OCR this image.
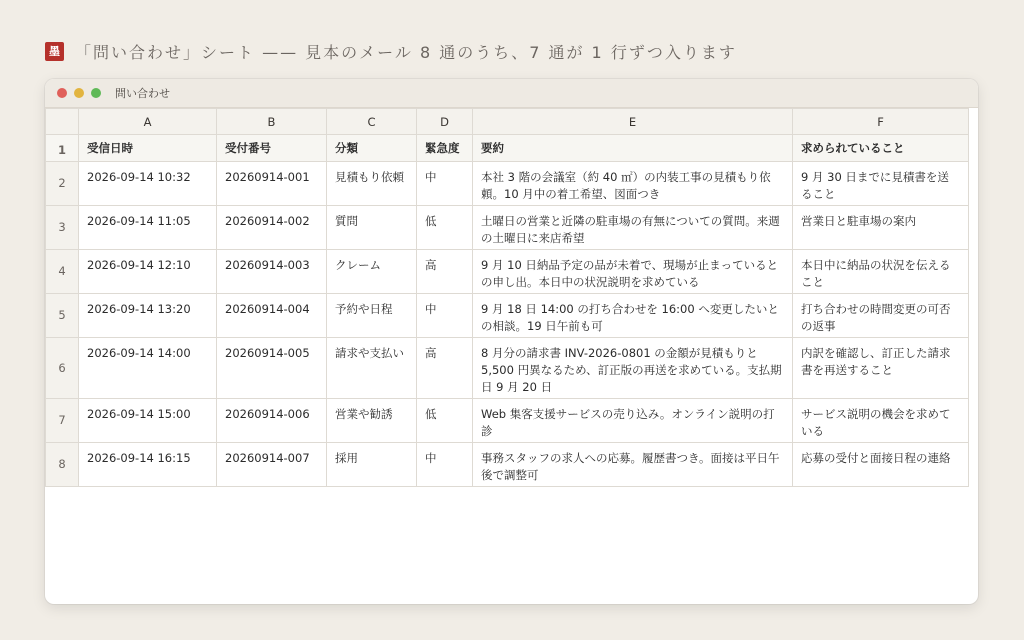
墨 「問い合わせ」シート —— 見本のメール 8 通のうち、7 通が 1 行ずつ入ります
問い合わせ
	A	B	C	D	E	F
1	受信日時	受付番号	分類	緊急度	要約	求められていること
2	2026-09-14 10:32	20260914-001	見積もり依頼	中	本社 3 階の会議室（約 40 ㎡）の内装工事の見積もり依頼。10 月中の着工希望、図面つき	9 月 30 日までに見積書を送ること
3	2026-09-14 11:05	20260914-002	質問	低	土曜日の営業と近隣の駐車場の有無についての質問。来週の土曜日に来店希望	営業日と駐車場の案内
4	2026-09-14 12:10	20260914-003	クレーム	高	9 月 10 日納品予定の品が未着で、現場が止まっているとの申し出。本日中の状況説明を求めている	本日中に納品の状況を伝えること
5	2026-09-14 13:20	20260914-004	予約や日程	中	9 月 18 日 14:00 の打ち合わせを 16:00 へ変更したいとの相談。19 日午前も可	打ち合わせの時間変更の可否の返事
6	2026-09-14 14:00	20260914-005	請求や支払い	高	8 月分の請求書 INV-2026-0801 の金額が見積もりと 5,500 円異なるため、訂正版の再送を求めている。支払期日 9 月 20 日	内訳を確認し、訂正した請求書を再送すること
7	2026-09-14 15:00	20260914-006	営業や勧誘	低	Web 集客支援サービスの売り込み。オンライン説明の打診	サービス説明の機会を求めている
8	2026-09-14 16:15	20260914-007	採用	中	事務スタッフの求人への応募。履歴書つき。面接は平日午後で調整可	応募の受付と面接日程の連絡
